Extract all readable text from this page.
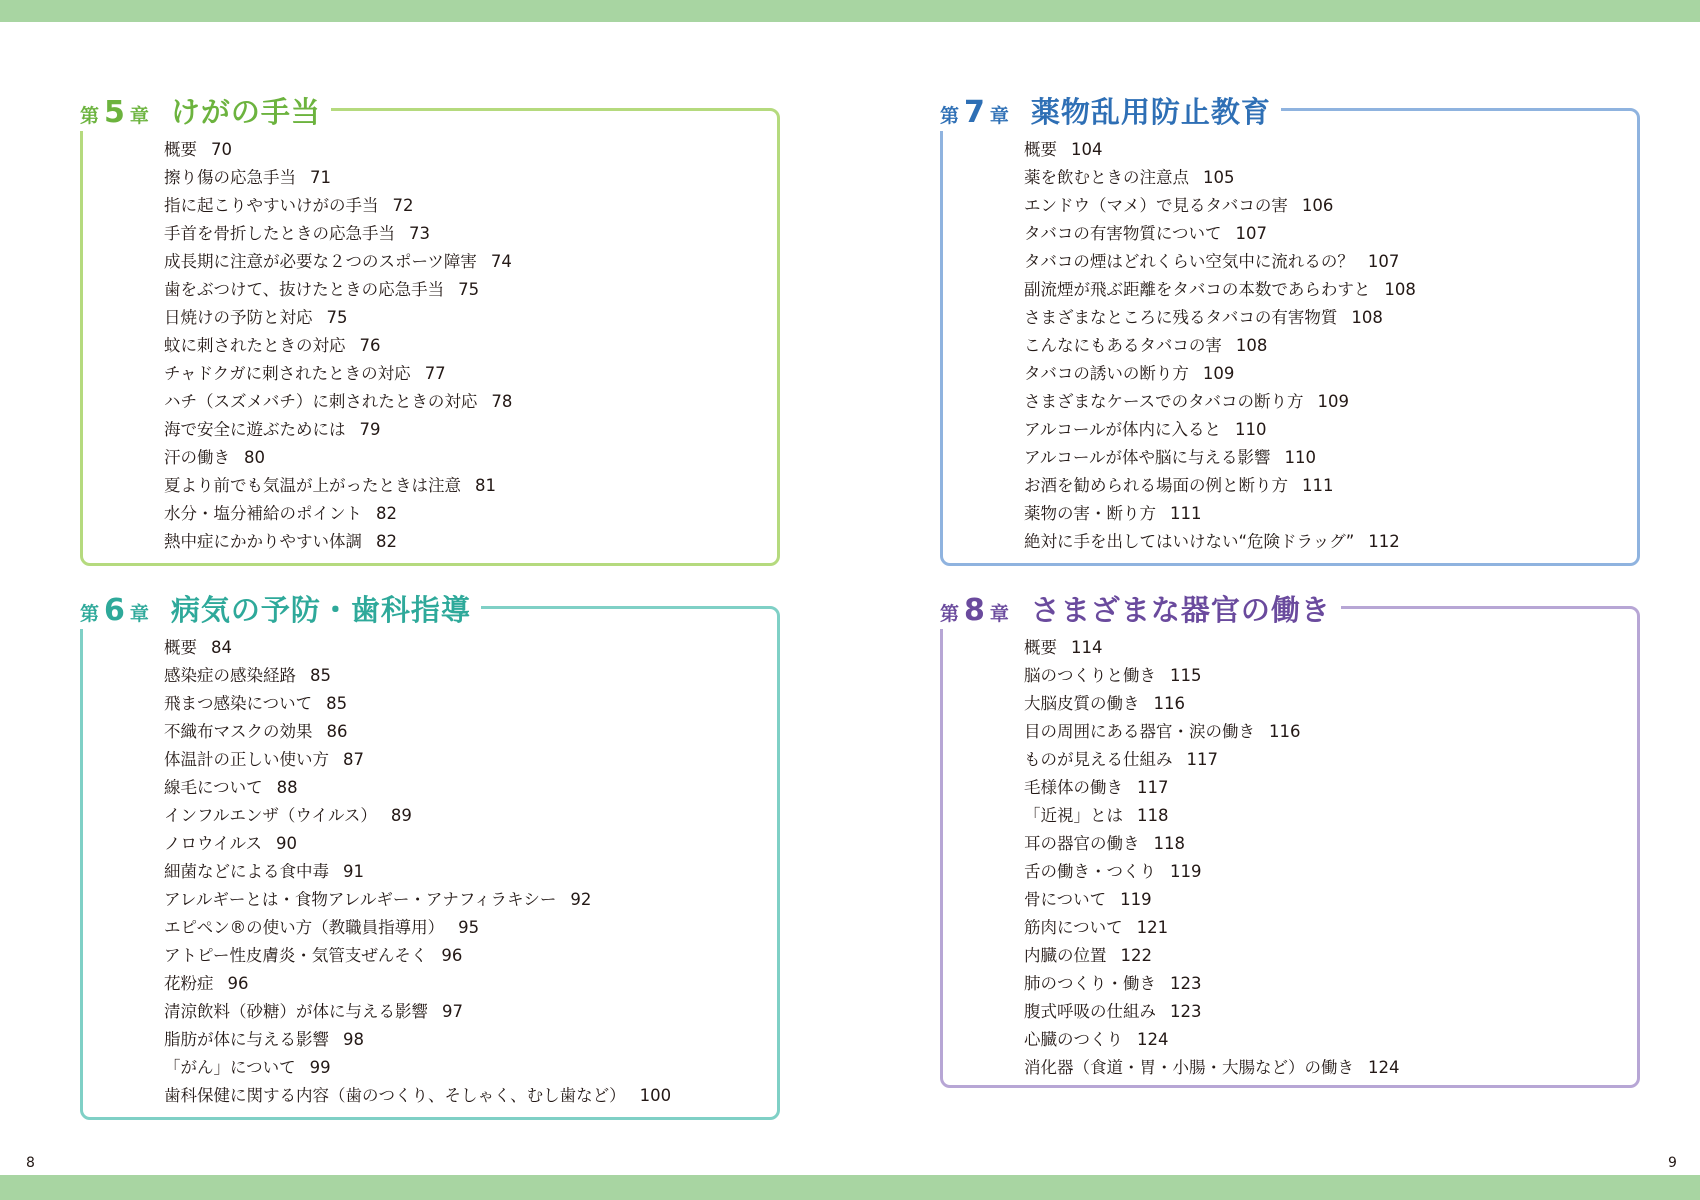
第 5 章 けがの手当
概要 70
擦り傷の応急手当 71
指に起こりやすいけがの手当 72
手首を骨折したときの応急手当 73
成長期に注意が必要な２つのスポーツ障害 74
歯をぶつけて、抜けたときの応急手当 75
日焼けの予防と対応 75
蚊に刺されたときの対応 76
チャドクガに刺されたときの対応 77
ハチ（スズメバチ）に刺されたときの対応 78
海で安全に遊ぶためには 79
汗の働き 80
夏より前でも気温が上がったときは注意 81
水分・塩分補給のポイント 82
熱中症にかかりやすい体調 82
第 6 章 病気の予防・歯科指導
概要 84
感染症の感染経路 85
飛まつ感染について 85
不織布マスクの効果 86
体温計の正しい使い方 87
線毛について 88
インフルエンザ（ウイルス） 89
ノロウイルス 90
細菌などによる食中毒 91
アレルギーとは・食物アレルギー・アナフィラキシー 92
エピペン®の使い方（教職員指導用） 95
アトピー性皮膚炎・気管支ぜんそく 96
花粉症 96
清涼飲料（砂糖）が体に与える影響 97
脂肪が体に与える影響 98
「がん」について 99
歯科保健に関する内容（歯のつくり、そしゃく、むし歯など） 100
第 7 章 薬物乱用防止教育
概要 104
薬を飲むときの注意点 105
エンドウ（マメ）で見るタバコの害 106
タバコの有害物質について 107
タバコの煙はどれくらい空気中に流れるの？ 107
副流煙が飛ぶ距離をタバコの本数であらわすと 108
さまざまなところに残るタバコの有害物質 108
こんなにもあるタバコの害 108
タバコの誘いの断り方 109
さまざまなケースでのタバコの断り方 109
アルコールが体内に入ると 110
アルコールが体や脳に与える影響 110
お酒を勧められる場面の例と断り方 111
薬物の害・断り方 111
絶対に手を出してはいけない“危険ドラッグ” 112
第 8 章 さまざまな器官の働き
概要 114
脳のつくりと働き 115
大脳皮質の働き 116
目の周囲にある器官・涙の働き 116
ものが見える仕組み 117
毛様体の働き 117
「近視」とは 118
耳の器官の働き 118
舌の働き・つくり 119
骨について 119
筋肉について 121
内臓の位置 122
肺のつくり・働き 123
腹式呼吸の仕組み 123
心臓のつくり 124
消化器（食道・胃・小腸・大腸など）の働き 124
8	9
